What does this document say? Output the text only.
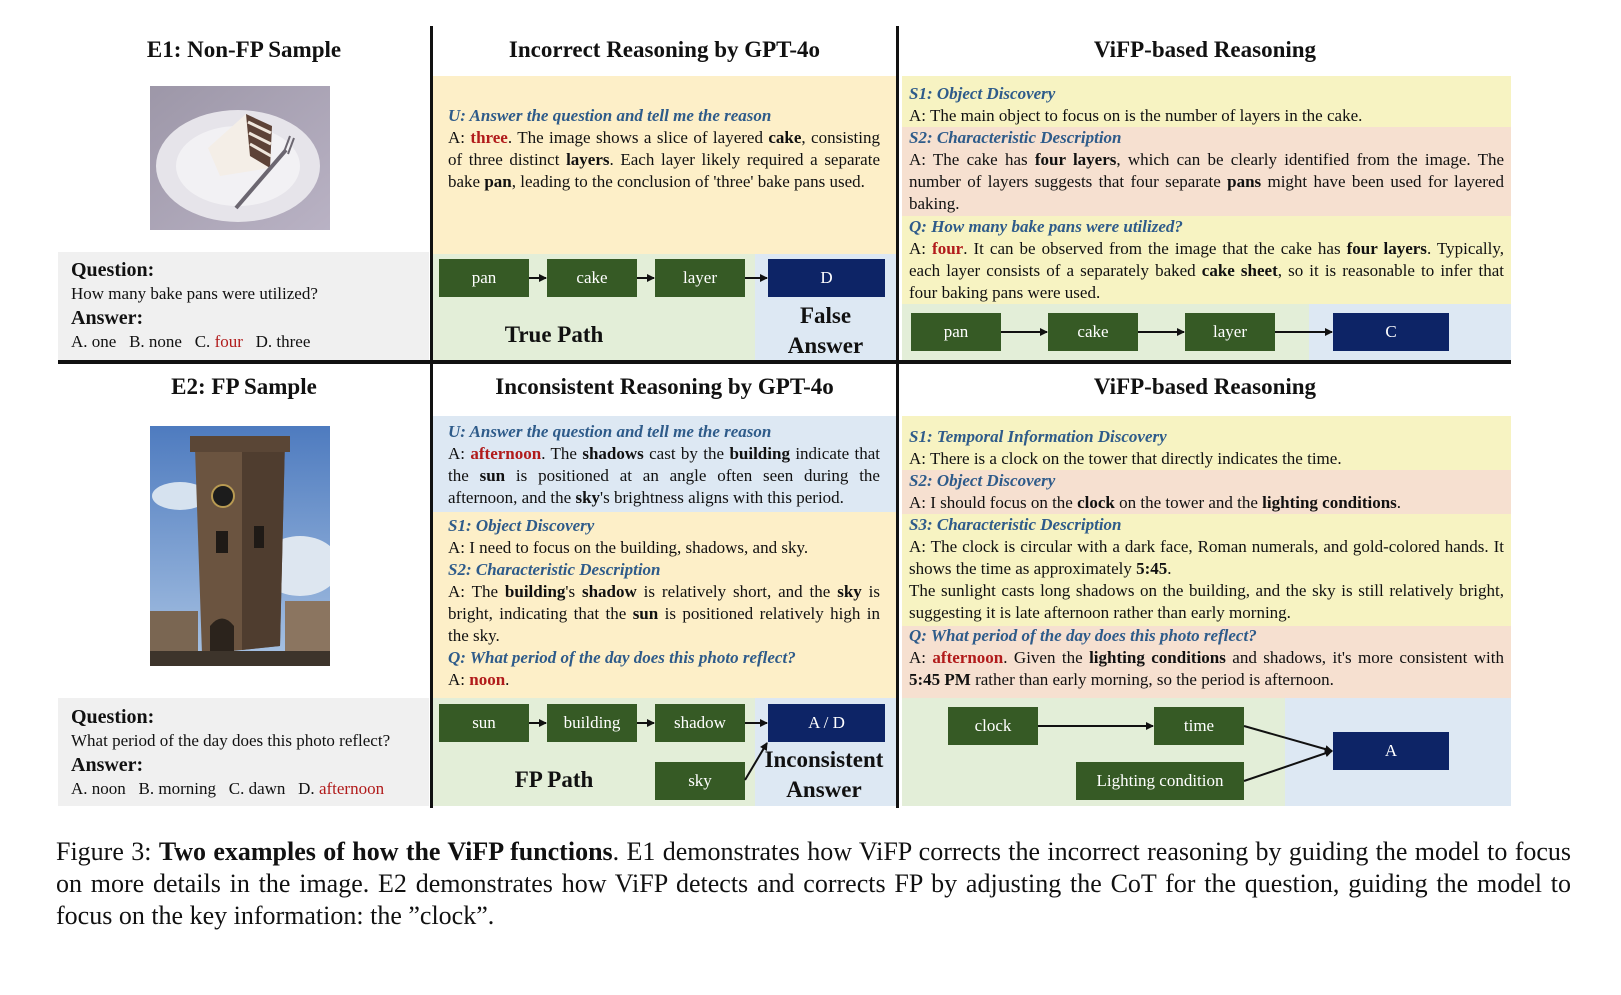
E1: Non-FP Sample	Incorrect Reasoning by GPT-4o	ViFP-based Reasoning
E2: FP Sample	Inconsistent Reasoning by GPT-4o	ViFP-based Reasoning
Question:
How many bake pans were utilized?
Answer:
A. one B. none C. four D. three
Question:
What period of the day does this photo reflect?
Answer:
A. noon B. morning C. dawn D. afternoon
U: Answer the question and tell me the reason
A: three. The image shows a slice of layered cake, consisting of three distinct layers. Each layer likely required a separate bake pan, leading to the conclusion of 'three' bake pans used.
S1: Object Discovery
A: The main object to focus on is the number of layers in the cake.
S2: Characteristic Description
A: The cake has four layers, which can be clearly identified from the image. The number of layers suggests that four separate pans might have been used for layered baking.
Q: How many bake pans were utilized?
A: four. It can be observed from the image that the cake has four layers. Typically, each layer consists of a separately baked cake sheet, so it is reasonable to infer that four baking pans were used.
U: Answer the question and tell me the reason
A: afternoon. The shadows cast by the building indicate that the sun is positioned at an angle often seen during the afternoon, and the sky's brightness aligns with this period.
S1: Object Discovery
A: I need to focus on the building, shadows, and sky.
S2: Characteristic Description
A: The building's shadow is relatively short, and the sky is bright, indicating that the sun is positioned relatively high in the sky.
Q: What period of the day does this photo reflect?
A: noon.
S1: Temporal Information Discovery
A: There is a clock on the tower that directly indicates the time.
S2: Object Discovery
A: I should focus on the clock on the tower and the lighting conditions.
S3: Characteristic Description
A: The clock is circular with a dark face, Roman numerals, and gold-colored hands. It shows the time as approximately 5:45.
The sunlight casts long shadows on the building, and the sky is still relatively bright, suggesting it is late afternoon rather than early morning.
Q: What period of the day does this photo reflect?
A: afternoon. Given the lighting conditions and shadows, it's more consistent with 5:45 PM rather than early morning, so the period is afternoon.
pan	cake	layer	D
True Path
False
Answer
pan	cake	layer	C
sun	building	shadow
sky
A / D
FP Path
Inconsistent
Answer
clock	time
Lighting condition
A
Figure 3: Two examples of how the ViFP functions. E1 demonstrates how ViFP corrects the incorrect reasoning by guiding the model to focus on more details in the image. E2 demonstrates how ViFP detects and corrects FP by adjusting the CoT for the question, guiding the model to focus on the key information: the ”clock”.
